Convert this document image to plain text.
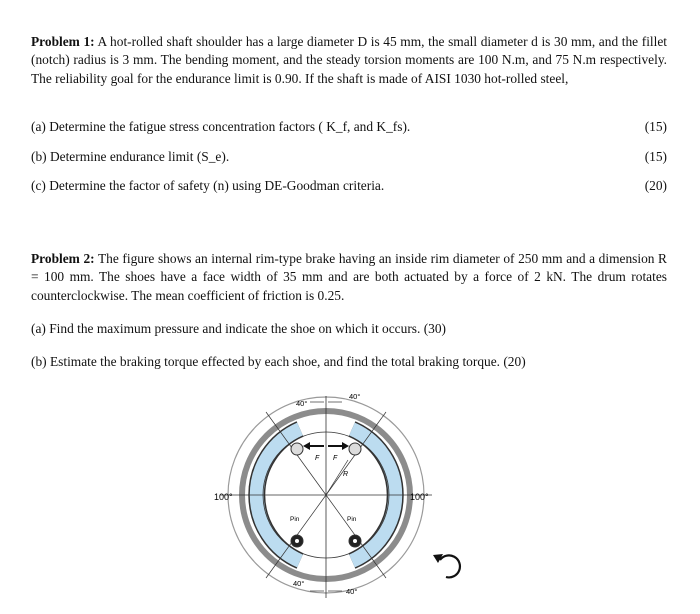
Problem 1: A hot-rolled shaft shoulder has a large diameter D is 45 mm, the small diameter d is 30 mm, and the fillet (notch) radius is 3 mm. The bending moment, and the steady torsion moments are 100 N.m, and 75 N.m respectively. The reliability goal for the endurance limit is 0.90. If the shaft is made of AISI 1030 hot-rolled steel,
(a) Determine the fatigue stress concentration factors ( K_f, and K_fs).	(15)
(b) Determine endurance limit (S_e).	(15)
(c) Determine the factor of safety (n) using DE-Goodman criteria.	(20)
Problem 2: The figure shows an internal rim-type brake having an inside rim diameter of 250 mm and a dimension R = 100 mm. The shoes have a face width of 35 mm and are both actuated by a force of 2 kN. The drum rotates counterclockwise. The mean coefficient of friction is 0.25.
(a) Find the maximum pressure and indicate the shoe on which it occurs. (30)
(b) Estimate the braking torque effected by each shoe, and find the total braking torque. (20)
40°
40°
40°
40°
100°	100°
Pin	Pin
F F
R
